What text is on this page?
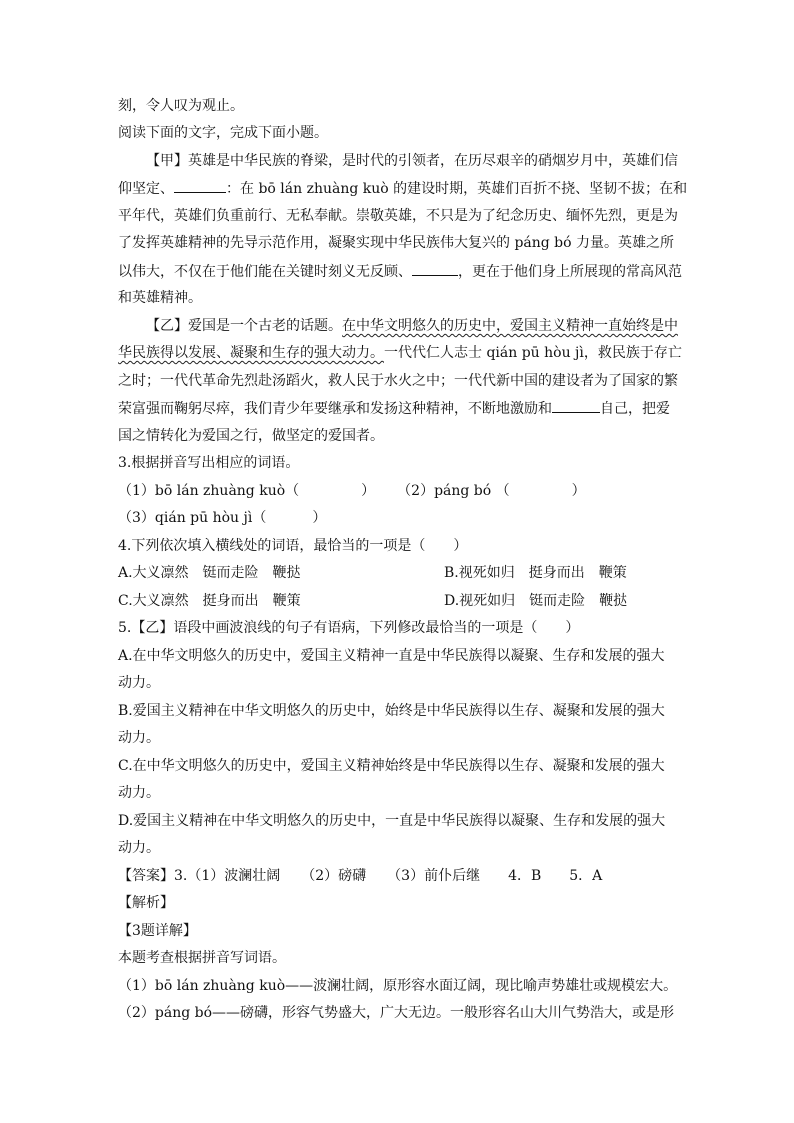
刻，令人叹为观止。
阅读下面的文字，完成下面小题。
【甲】英雄是中华民族的脊梁，是时代的引领者，在历尽艰辛的硝烟岁月中，英雄们信
仰坚定、	：在 bō lán zhuàng kuò 的建设时期，英雄们百折不挠、坚韧不拔；在和
平年代，英雄们负重前行、无私奉献。崇敬英雄，不只是为了纪念历史、缅怀先烈，更是为
了发挥英雄精神的先导示范作用，凝聚实现中华民族伟大复兴的 páng bó 力量。英雄之所
以伟大，不仅在于他们能在关键时刻义无反顾、	，更在于他们身上所展现的常高风范
和英雄精神。
【乙】爱国是一个古老的话题。在中华文明悠久的历史中，爱国主义精神一直始终是中
华民族得以发展、凝聚和生存的强大动力。一代代仁人志士 qián pū hòu jì，救民族于存亡
之时；一代代革命先烈赴汤蹈火，救人民于水火之中；一代代新中国的建设者为了国家的繁
荣富强而鞠躬尽瘁，我们青少年要继承和发扬这种精神，不断地激励和	自己，把爱
国之情转化为爱国之行，做坚定的爱国者。
3.根据拼音写出相应的词语。
（1）bō lán zhuàng kuò（	） （2）páng bó （	）
（3）qián pū hòu jì（	）
4.下列依次填入横线处的词语，最恰当的一项是（　　）
A.大义凛然　铤而走险　鞭挞	B.视死如归　挺身而出　鞭策
C.大义凛然　挺身而出　鞭策	D.视死如归　铤而走险　鞭挞
5.【乙】语段中画波浪线的句子有语病，下列修改最恰当的一项是（　　）
A.在中华文明悠久的历史中，爱国主义精神一直是中华民族得以凝聚、生存和发展的强大
动力。
B.爱国主义精神在中华文明悠久的历史中，始终是中华民族得以生存、凝聚和发展的强大
动力。
C.在中华文明悠久的历史中，爱国主义精神始终是中华民族得以生存、凝聚和发展的强大
动力。
D.爱国主义精神在中华文明悠久的历史中，一直是中华民族得以凝聚、生存和发展的强大
动力。
【答案】3.（1）波澜壮阔　　（2）磅礴　　（3）前仆后继　　4．B　　5．A
【解析】
【3题详解】
本题考查根据拼音写词语。
（1）bō lán zhuàng kuò——波澜壮阔，原形容水面辽阔，现比喻声势雄壮或规模宏大。
（2）páng bó——磅礴，形容气势盛大，广大无边。一般形容名山大川气势浩大，或是形
